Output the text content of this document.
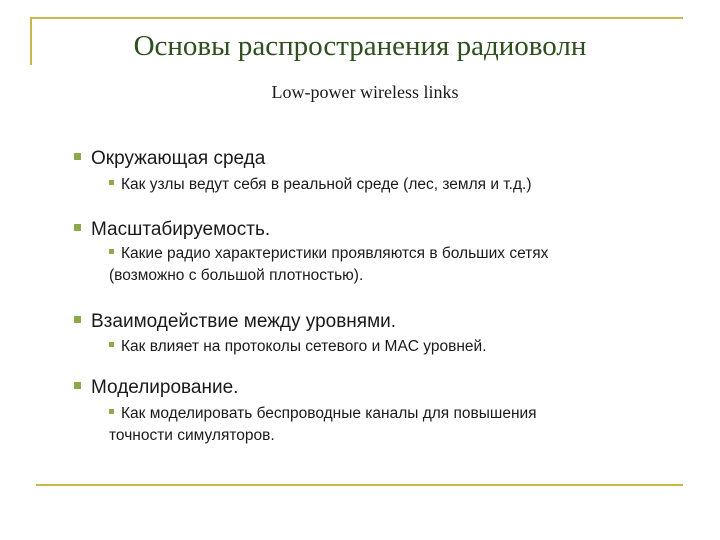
Основы распространения радиоволн
Low-power wireless links
Окружающая среда
Как узлы ведут себя в реальной среде (лес, земля и т.д.)
Масштабируемость.
Какие радио характеристики проявляются в больших сетях
(возможно с большой плотностью).
Взаимодействие между уровнями.
Как влияет на протоколы сетевого и MAC уровней.
Моделирование.
Как моделировать беспроводные каналы для повышения
точности симуляторов.
